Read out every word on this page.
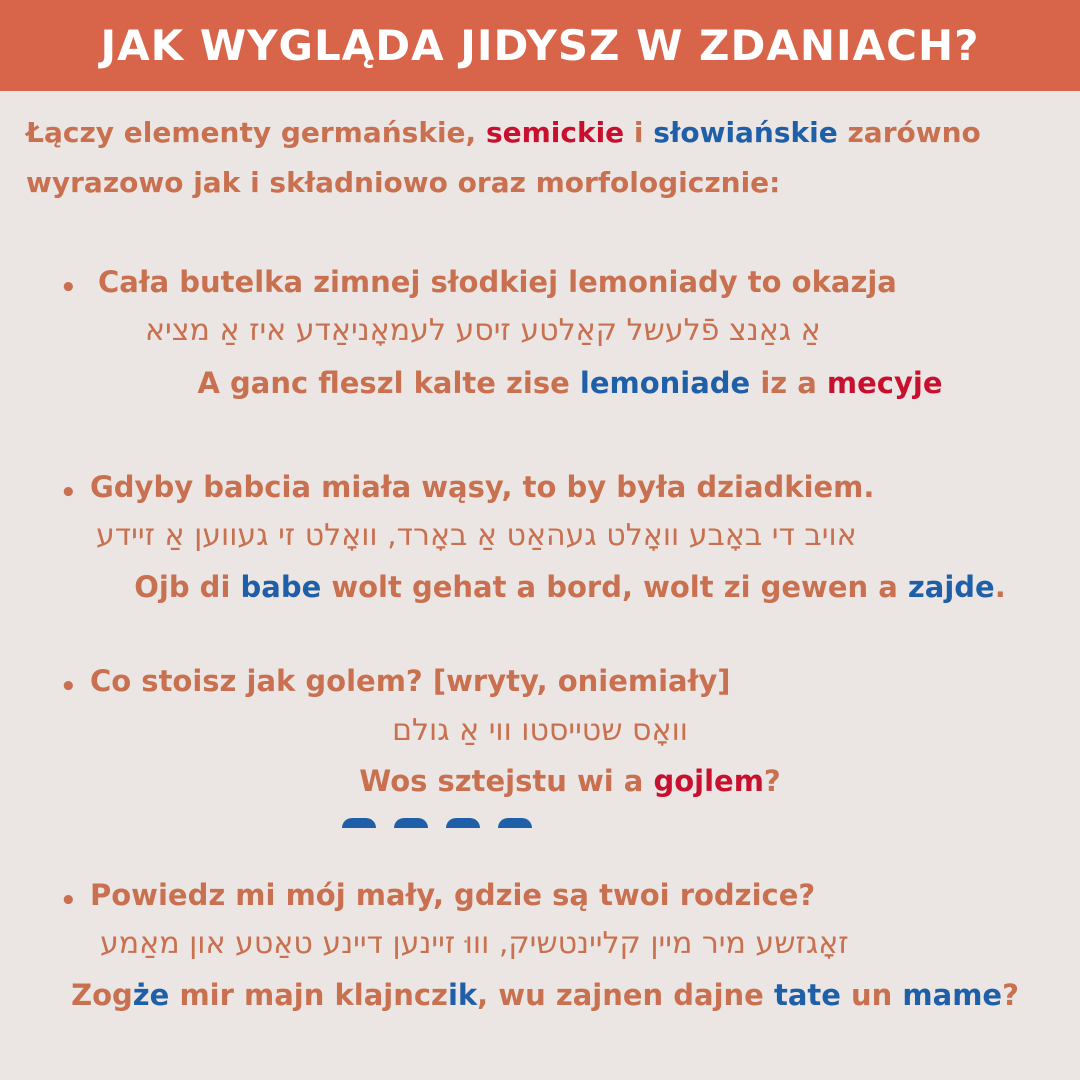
JAK WYGLĄDA JIDYSZ W ZDANIACH?
Łączy elementy germańskie, semickie i słowiańskie zarówno wyrazowo jak i składniowo oraz morfologicznie:
• Cała butelka zimnej słodkiej lemoniady to okazja
אַ גאַנצ פֿלעשל קאַלטע זיסע לעמאָניאַדע איז אַ מציא
A ganc fleszl kalte zise lemoniade iz a mecyje
• Gdyby babcia miała wąsy, to by była dziadkiem.
אויב די באָבע וואָלט געהאַט אַ באָרד, וואָלט זי געווען אַ זיידע
Ojb di babe wolt gehat a bord, wolt zi gewen a zajde.
• Co stoisz jak golem? [wryty, oniemiały]
וואָס שטייסטו ווי אַ גולם
Wos sztejstu wi a gojlem?
• Powiedz mi mój mały, gdzie są twoi rodzice?
זאָגזשע מיר מיין קליינטשיק, וווּ זיינען דיינע טאַטע און מאַמע
Zogże mir majn klajnczik, wu zajnen dajne tate un mame?
